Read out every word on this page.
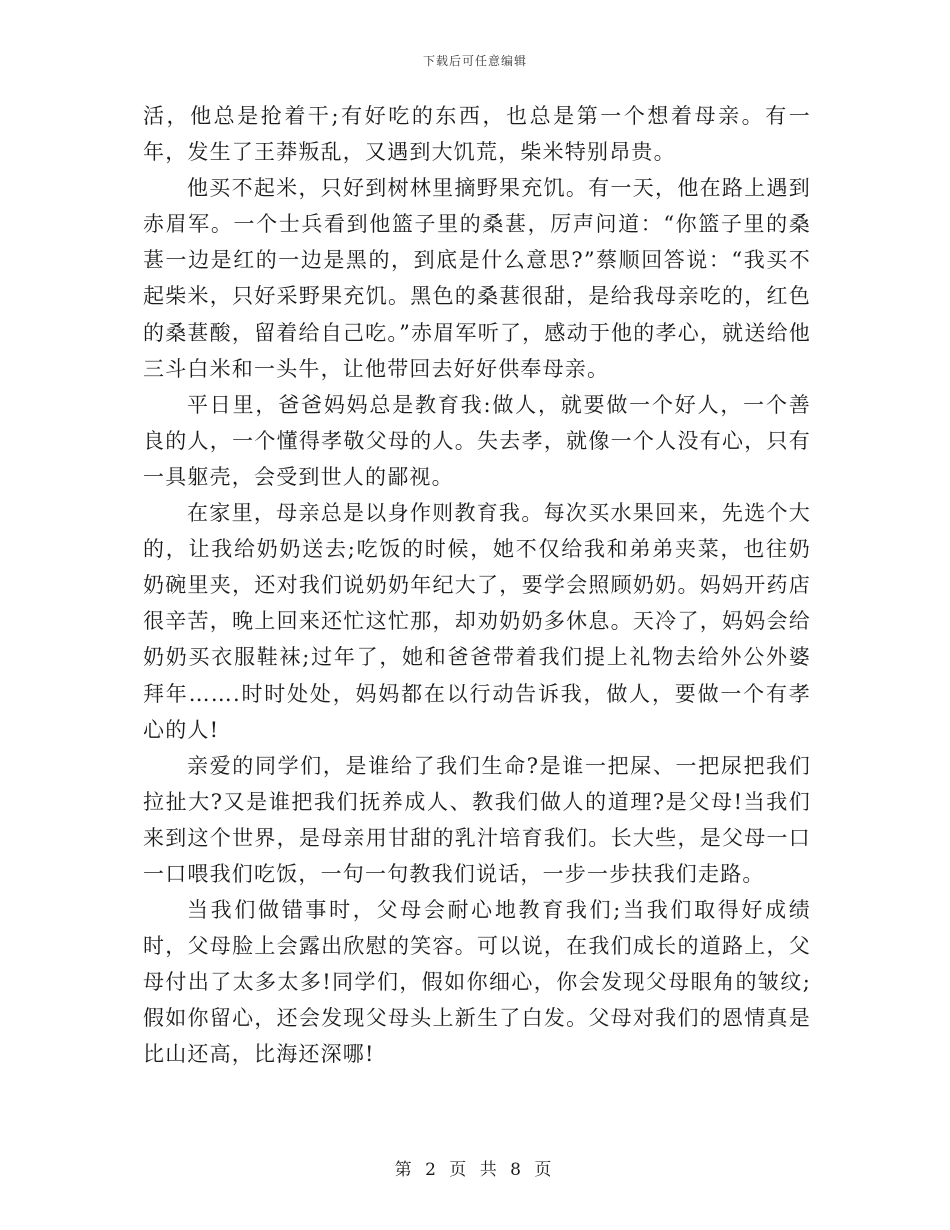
下载后可任意编辑

活，他总是抢着干;有好吃的东西，也总是第一个想着母亲。有一年，发生了王莽叛乱，又遇到大饥荒，柴米特别昂贵。

他买不起米，只好到树林里摘野果充饥。有一天，他在路上遇到赤眉军。一个士兵看到他篮子里的桑葚，厉声问道：“你篮子里的桑葚一边是红的一边是黑的，到底是什么意思?”蔡顺回答说：“我买不起柴米，只好采野果充饥。黑色的桑葚很甜，是给我母亲吃的，红色的桑葚酸，留着给自己吃。”赤眉军听了，感动于他的孝心，就送给他三斗白米和一头牛，让他带回去好好供奉母亲。

平日里，爸爸妈妈总是教育我:做人，就要做一个好人，一个善良的人，一个懂得孝敬父母的人。失去孝，就像一个人没有心，只有一具躯壳，会受到世人的鄙视。

在家里，母亲总是以身作则教育我。每次买水果回来，先选个大的，让我给奶奶送去;吃饭的时候，她不仅给我和弟弟夹菜，也往奶奶碗里夹，还对我们说奶奶年纪大了，要学会照顾奶奶。妈妈开药店很辛苦，晚上回来还忙这忙那，却劝奶奶多休息。天冷了，妈妈会给奶奶买衣服鞋袜;过年了，她和爸爸带着我们提上礼物去给外公外婆拜年…….时时处处，妈妈都在以行动告诉我，做人，要做一个有孝心的人!

亲爱的同学们，是谁给了我们生命?是谁一把屎、一把尿把我们拉扯大?又是谁把我们抚养成人、教我们做人的道理?是父母!当我们来到这个世界，是母亲用甘甜的乳汁培育我们。长大些，是父母一口一口喂我们吃饭，一句一句教我们说话，一步一步扶我们走路。

当我们做错事时，父母会耐心地教育我们;当我们取得好成绩时，父母脸上会露出欣慰的笑容。可以说，在我们成长的道路上，父母付出了太多太多!同学们，假如你细心，你会发现父母眼角的皱纹;假如你留心，还会发现父母头上新生了白发。父母对我们的恩情真是比山还高，比海还深哪!

第 2 页 共 8 页
